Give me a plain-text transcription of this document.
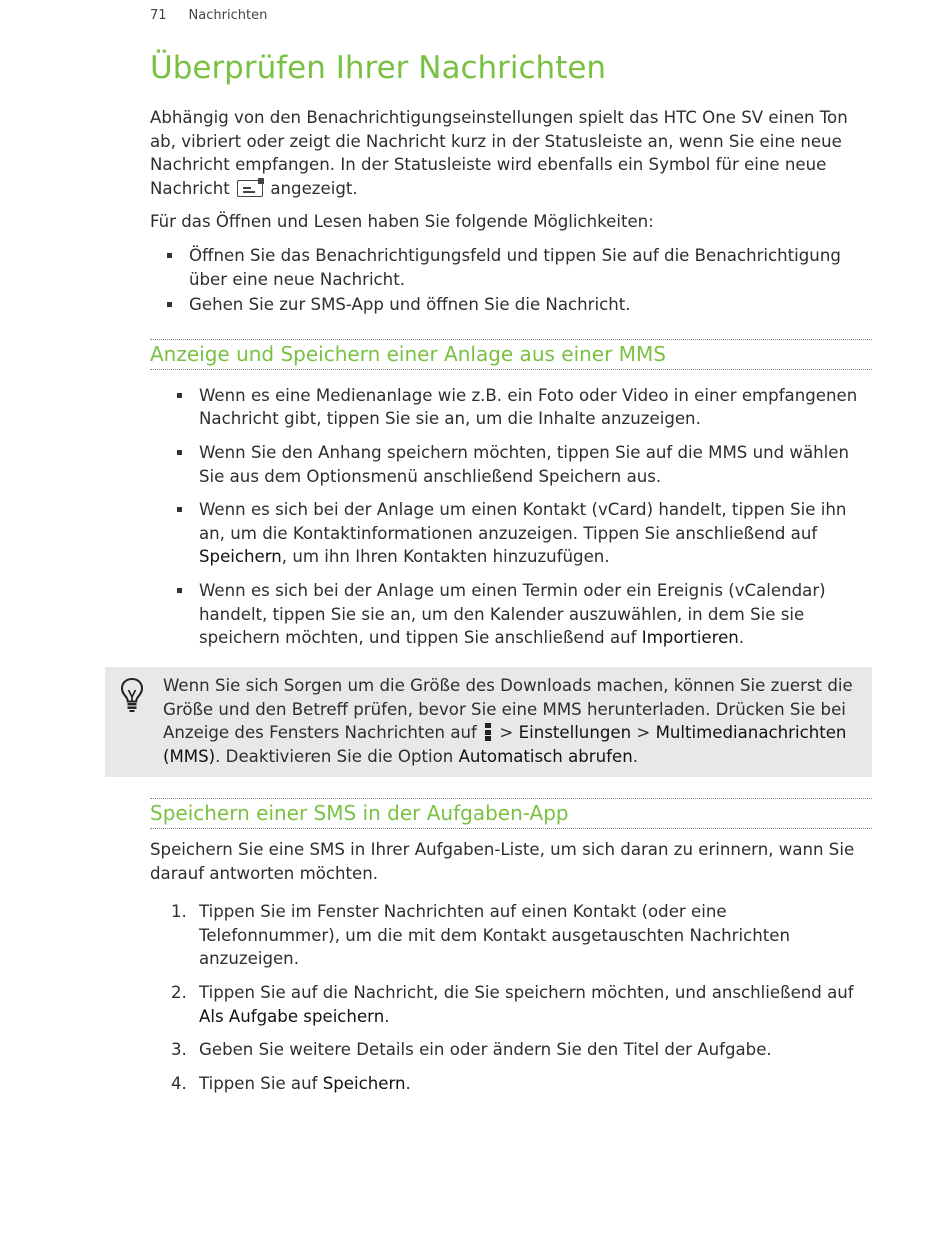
71 Nachrichten
Überprüfen Ihrer Nachrichten

Abhängig von den Benachrichtigungseinstellungen spielt das HTC One SV einen Ton ab, vibriert oder zeigt die Nachricht kurz in der Statusleiste an, wenn Sie eine neue Nachricht empfangen. In der Statusleiste wird ebenfalls ein Symbol für eine neue Nachricht
angezeigt.

Für das Öffnen und Lesen haben Sie folgende Möglichkeiten:

Öffnen Sie das Benachrichtigungsfeld und tippen Sie auf die Benachrichtigung über eine neue Nachricht.
Gehen Sie zur SMS-App und öffnen Sie die Nachricht.
Anzeige und Speichern einer Anlage aus einer MMS
Wenn es eine Medienanlage wie z.B. ein Foto oder Video in einer empfangenen Nachricht gibt, tippen Sie sie an, um die Inhalte anzuzeigen.
Wenn Sie den Anhang speichern möchten, tippen Sie auf die MMS und wählen Sie aus dem Optionsmenü anschließend Speichern aus.
Wenn es sich bei der Anlage um einen Kontakt (vCard) handelt, tippen Sie ihn an, um die Kontaktinformationen anzuzeigen. Tippen Sie anschließend auf Speichern, um ihn Ihren Kontakten hinzuzufügen.
Wenn es sich bei der Anlage um einen Termin oder ein Ereignis (vCalendar) handelt, tippen Sie sie an, um den Kalender auszuwählen, in dem Sie sie speichern möchten, und tippen Sie anschließend auf Importieren.
Wenn Sie sich Sorgen um die Größe des Downloads machen, können Sie zuerst die Größe und den Betreff prüfen, bevor Sie eine MMS herunterladen. Drücken Sie bei Anzeige des Fensters Nachrichten auf
> Einstellungen > Multimedianachrichten (MMS). Deaktivieren Sie die Option Automatisch abrufen.
Speichern einer SMS in der Aufgaben-App

Speichern Sie eine SMS in Ihrer Aufgaben-Liste, um sich daran zu erinnern, wann Sie darauf antworten möchten.

1. Tippen Sie im Fenster Nachrichten auf einen Kontakt (oder eine Telefonnummer), um die mit dem Kontakt ausgetauschten Nachrichten anzuzeigen.
2. Tippen Sie auf die Nachricht, die Sie speichern möchten, und anschließend auf Als Aufgabe speichern.
3. Geben Sie weitere Details ein oder ändern Sie den Titel der Aufgabe.
4. Tippen Sie auf Speichern.
